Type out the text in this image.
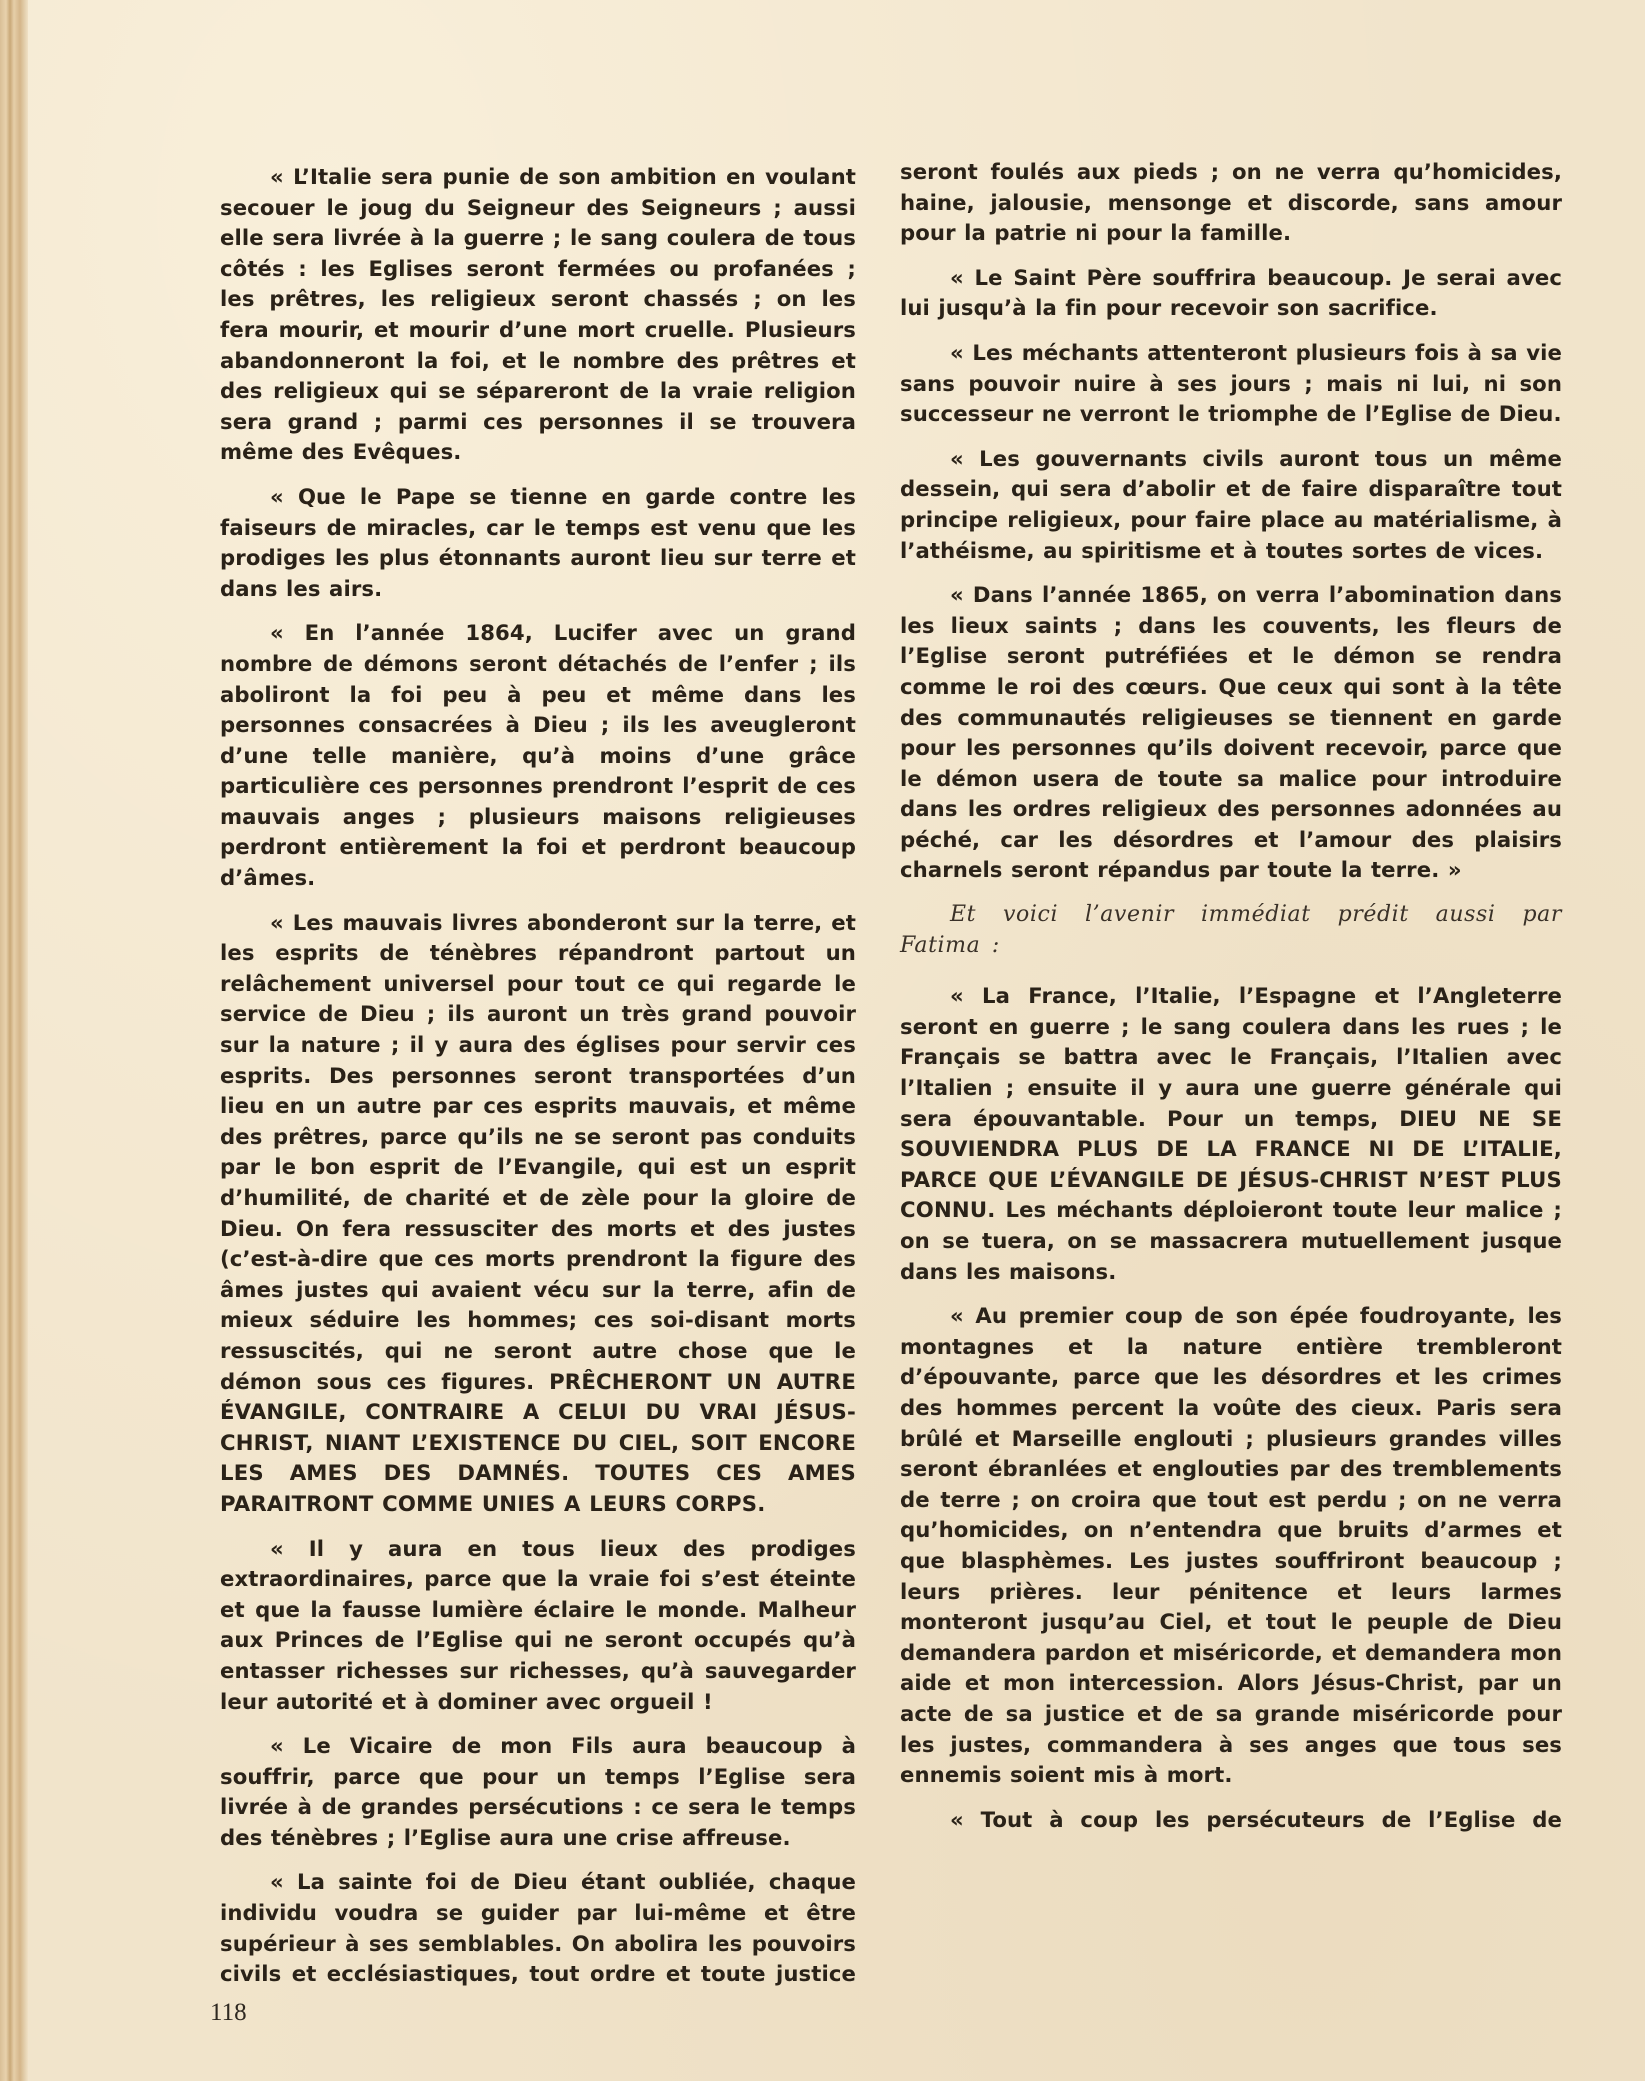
« L’Italie sera punie de son ambition en voulant secouer le joug du Seigneur des Seigneurs ; aussi elle sera livrée à la guerre ; le sang coulera de tous côtés : les Eglises seront fermées ou profanées ; les prêtres, les religieux seront chassés ; on les fera mourir, et mourir d’une mort cruelle. Plusieurs abandonneront la foi, et le nombre des prêtres et des religieux qui se sépareront de la vraie religion sera grand ; parmi ces personnes il se trouvera même des Evêques.

« Que le Pape se tienne en garde contre les faiseurs de miracles, car le temps est venu que les prodiges les plus étonnants auront lieu sur terre et dans les airs.

« En l’année 1864, Lucifer avec un grand nombre de démons seront détachés de l’enfer ; ils aboliront la foi peu à peu et même dans les personnes consacrées à Dieu ; ils les aveugleront d’une telle manière, qu’à moins d’une grâce particulière ces personnes prendront l’esprit de ces mauvais anges ; plusieurs maisons religieuses perdront entièrement la foi et perdront beaucoup d’âmes.

« Les mauvais livres abonderont sur la terre, et les esprits de ténèbres répandront partout un relâchement universel pour tout ce qui regarde le service de Dieu ; ils auront un très grand pouvoir sur la nature ; il y aura des églises pour servir ces esprits. Des personnes seront transportées d’un lieu en un autre par ces esprits mauvais, et même des prêtres, parce qu’ils ne se seront pas conduits par le bon esprit de l’Evangile, qui est un esprit d’humilité, de charité et de zèle pour la gloire de Dieu. On fera ressusciter des morts et des justes (c’est-à-dire que ces morts prendront la figure des âmes justes qui avaient vécu sur la terre, afin de mieux séduire les hommes; ces soi-disant morts ressuscités, qui ne seront autre chose que le démon sous ces figures. PRÊCHERONT UN AUTRE ÉVANGILE, CONTRAIRE A CELUI DU VRAI JÉSUS-CHRIST, NIANT L’EXISTENCE DU CIEL, SOIT ENCORE LES AMES DES DAMNÉS. TOUTES CES AMES PARAITRONT COMME UNIES A LEURS CORPS.

« Il y aura en tous lieux des prodiges extraordinaires, parce que la vraie foi s’est éteinte et que la fausse lumière éclaire le monde. Malheur aux Princes de l’Eglise qui ne seront occupés qu’à entasser richesses sur richesses, qu’à sauvegarder leur autorité et à dominer avec orgueil !

« Le Vicaire de mon Fils aura beaucoup à souffrir, parce que pour un temps l’Eglise sera livrée à de grandes persécutions : ce sera le temps des ténèbres ; l’Eglise aura une crise affreuse.

« La sainte foi de Dieu étant oubliée, chaque individu voudra se guider par lui-même et être supérieur à ses semblables. On abolira les pouvoirs civils et ecclésiastiques, tout ordre et toute justice

seront foulés aux pieds ; on ne verra qu’homicides, haine, jalousie, mensonge et discorde, sans amour pour la patrie ni pour la famille.

« Le Saint Père souffrira beaucoup. Je serai avec lui jusqu’à la fin pour recevoir son sacrifice.

« Les méchants attenteront plusieurs fois à sa vie sans pouvoir nuire à ses jours ; mais ni lui, ni son successeur ne verront le triomphe de l’Eglise de Dieu.

« Les gouvernants civils auront tous un même dessein, qui sera d’abolir et de faire disparaître tout principe religieux, pour faire place au matérialisme, à l’athéisme, au spiritisme et à toutes sortes de vices.

« Dans l’année 1865, on verra l’abomination dans les lieux saints ; dans les couvents, les fleurs de l’Eglise seront putréfiées et le démon se rendra comme le roi des cœurs. Que ceux qui sont à la tête des communautés religieuses se tiennent en garde pour les personnes qu’ils doivent recevoir, parce que le démon usera de toute sa malice pour introduire dans les ordres religieux des personnes adonnées au péché, car les désordres et l’amour des plaisirs charnels seront répandus par toute la terre. »

Et voici l’avenir immédiat prédit aussi par Fatima :

« La France, l’Italie, l’Espagne et l’Angleterre seront en guerre ; le sang coulera dans les rues ; le Français se battra avec le Français, l’Italien avec l’Italien ; ensuite il y aura une guerre générale qui sera épouvantable. Pour un temps, DIEU NE SE SOUVIENDRA PLUS DE LA FRANCE NI DE L’ITALIE, PARCE QUE L’ÉVANGILE DE JÉSUS-CHRIST N’EST PLUS CONNU. Les méchants déploieront toute leur malice ; on se tuera, on se massacrera mutuellement jusque dans les maisons.

« Au premier coup de son épée foudroyante, les montagnes et la nature entière trembleront d’épouvante, parce que les désordres et les crimes des hommes percent la voûte des cieux. Paris sera brûlé et Marseille englouti ; plusieurs grandes villes seront ébranlées et englouties par des tremblements de terre ; on croira que tout est perdu ; on ne verra qu’homicides, on n’entendra que bruits d’armes et que blasphèmes. Les justes souffriront beaucoup ; leurs prières. leur pénitence et leurs larmes monteront jusqu’au Ciel, et tout le peuple de Dieu demandera pardon et miséricorde, et demandera mon aide et mon intercession. Alors Jésus-Christ, par un acte de sa justice et de sa grande miséricorde pour les justes, commandera à ses anges que tous ses ennemis soient mis à mort.

« Tout à coup les persécuteurs de l’Eglise de

118
